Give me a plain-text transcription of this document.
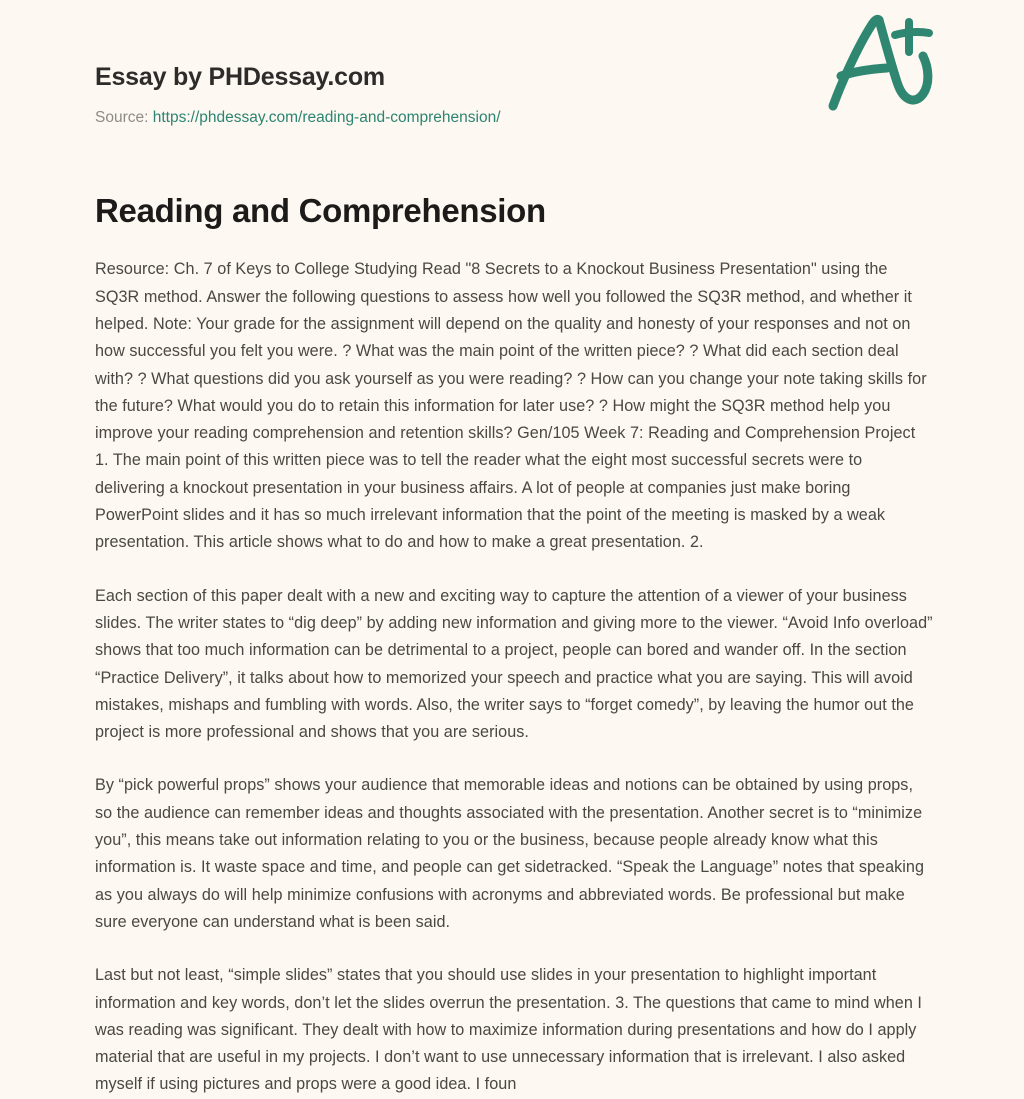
Essay by PHDessay.com
Source: https://phdessay.com/reading-and-comprehension/
Reading and Comprehension

Resource: Ch. 7 of Keys to College Studying Read "8 Secrets to a Knockout Business Presentation" using the SQ3R method. Answer the following questions to assess how well you followed the SQ3R method, and whether it helped. Note: Your grade for the assignment will depend on the quality and honesty of your responses and not on how successful you felt you were. ? What was the main point of the written piece? ? What did each section deal with? ? What questions did you ask yourself as you were reading? ? How can you change your note taking skills for the future? What would you do to retain this information for later use? ? How might the SQ3R method help you improve your reading comprehension and retention skills? Gen/105 Week 7: Reading and Comprehension Project 1. The main point of this written piece was to tell the reader what the eight most successful secrets were to delivering a knockout presentation in your business affairs. A lot of people at companies just make boring PowerPoint slides and it has so much irrelevant information that the point of the meeting is masked by a weak presentation. This article shows what to do and how to make a great presentation. 2.

Each section of this paper dealt with a new and exciting way to capture the attention of a viewer of your business slides. The writer states to “dig deep” by adding new information and giving more to the viewer. “Avoid Info overload” shows that too much information can be detrimental to a project, people can bored and wander off. In the section “Practice Delivery”, it talks about how to memorized your speech and practice what you are saying. This will avoid mistakes, mishaps and fumbling with words. Also, the writer says to “forget comedy”, by leaving the humor out the project is more professional and shows that you are serious.

By “pick powerful props” shows your audience that memorable ideas and notions can be obtained by using props, so the audience can remember ideas and thoughts associated with the presentation. Another secret is to “minimize you”, this means take out information relating to you or the business, because people already know what this information is. It waste space and time, and people can get sidetracked. “Speak the Language” notes that speaking as you always do will help minimize confusions with acronyms and abbreviated words. Be professional but make sure everyone can understand what is been said.

Last but not least, “simple slides” states that you should use slides in your presentation to highlight important information and key words, don’t let the slides overrun the presentation. 3. The questions that came to mind when I was reading was significant. They dealt with how to maximize information during presentations and how do I apply material that are useful in my projects. I don’t want to use unnecessary information that is irrelevant. I also asked myself if using pictures and props were a good idea. I foun
